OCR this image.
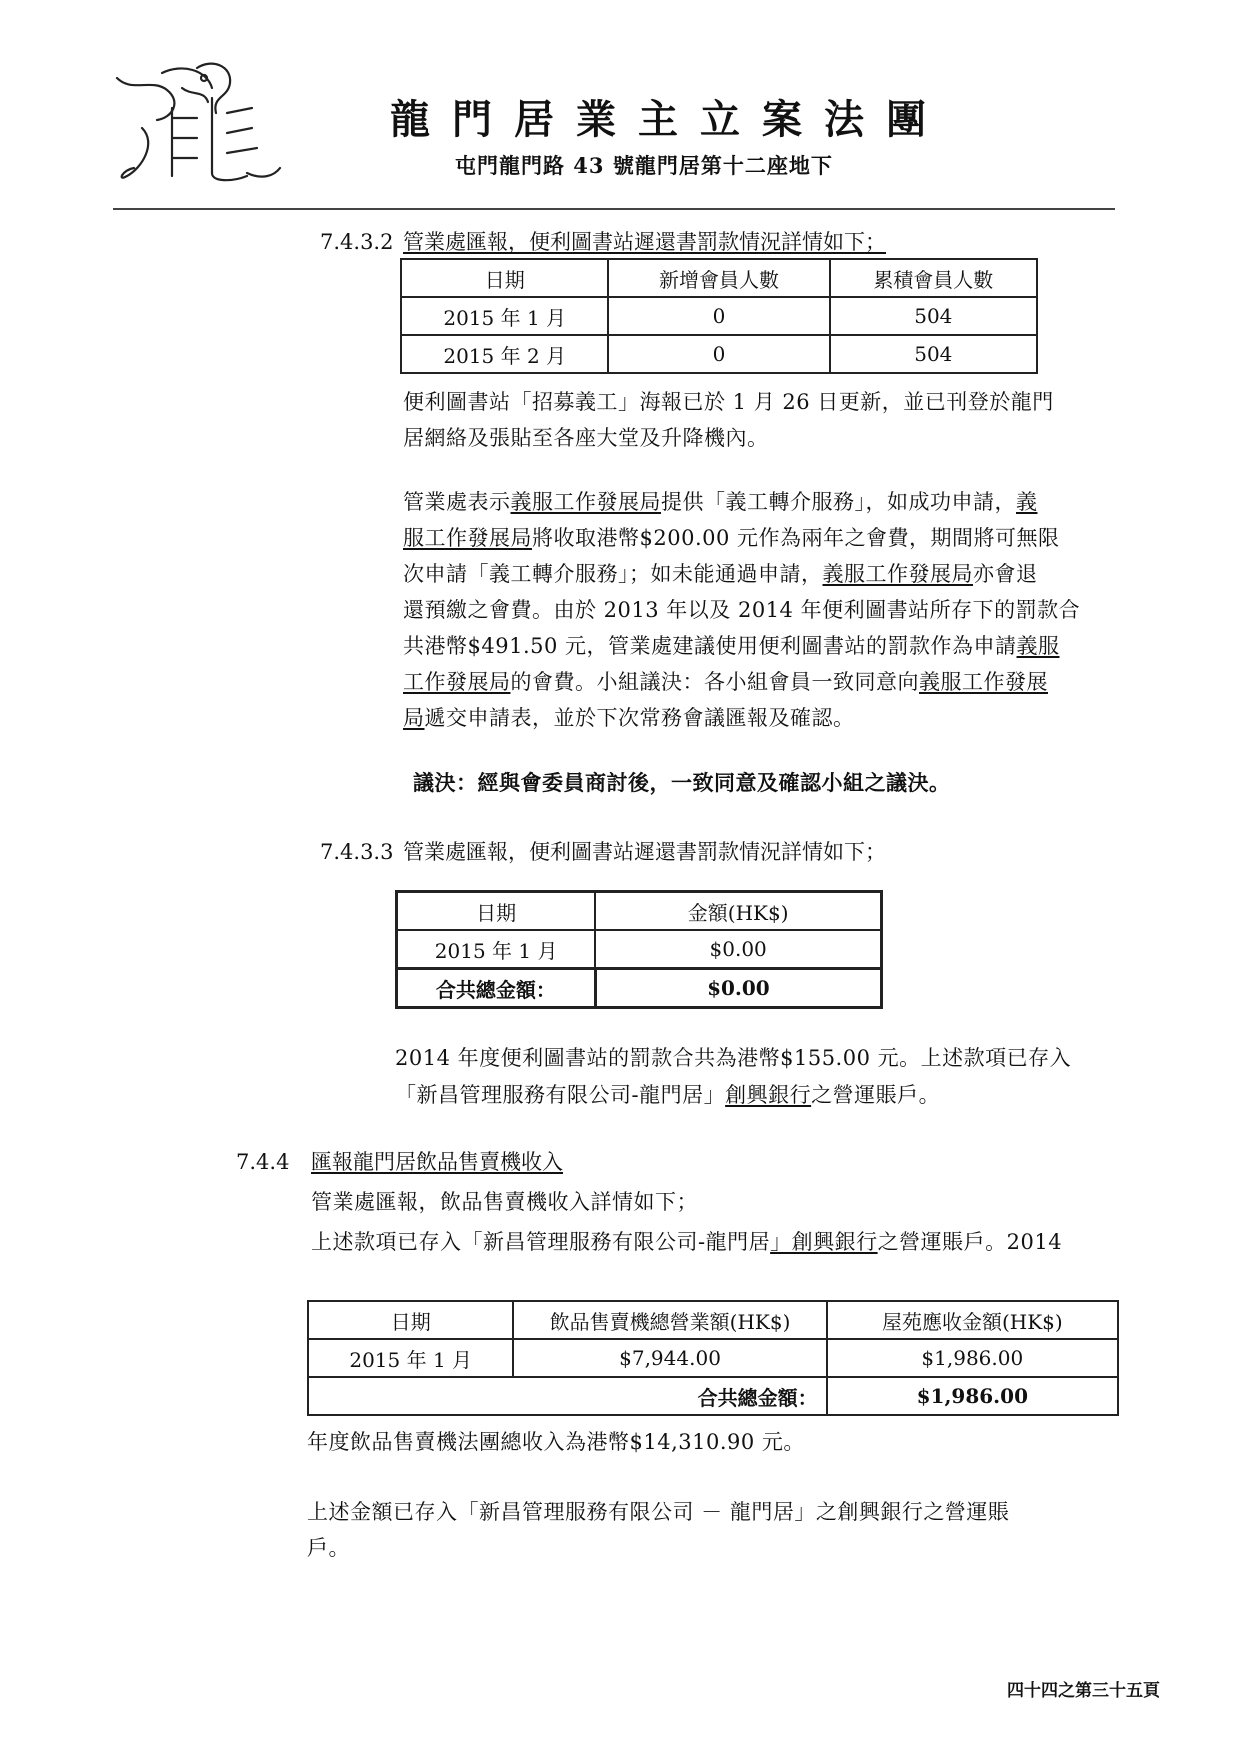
龍門居業主立案法團
屯門龍門路 43 號龍門居第十二座地下
7.4.3.2 管業處匯報，便利圖書站遲還書罰款情況詳情如下；
日期	新增會員人數	累積會員人數
2015 年 1 月	0	504
2015 年 2 月	0	504
便利圖書站「招募義工」海報已於 1 月 26 日更新，並已刊登於龍門
居網絡及張貼至各座大堂及升降機內。
管業處表示義服工作發展局提供「義工轉介服務」，如成功申請，義
服工作發展局將收取港幣$200.00 元作為兩年之會費，期間將可無限
次申請「義工轉介服務」；如未能通過申請，義服工作發展局亦會退
還預繳之會費。由於 2013 年以及 2014 年便利圖書站所存下的罰款合
共港幣$491.50 元，管業處建議使用便利圖書站的罰款作為申請義服
工作發展局的會費。小組議決：各小組會員一致同意向義服工作發展
局遞交申請表，並於下次常務會議匯報及確認。
議決：經與會委員商討後，一致同意及確認小組之議決。
7.4.3.3 管業處匯報，便利圖書站遲還書罰款情況詳情如下；
日期	金額(HK$)
2015 年 1 月	$0.00
合共總金額：	$0.00
2014 年度便利圖書站的罰款合共為港幣$155.00 元。上述款項已存入
「新昌管理服務有限公司-龍門居」創興銀行之營運賬戶。
7.4.4 匯報龍門居飲品售賣機收入
管業處匯報，飲品售賣機收入詳情如下；
上述款項已存入「新昌管理服務有限公司-龍門居」創興銀行之營運賬戶。2014
日期	飲品售賣機總營業額(HK$)	屋苑應收金額(HK$)
2015 年 1 月	$7,944.00	$1,986.00
合共總金額：		$1,986.00
年度飲品售賣機法團總收入為港幣$14,310.90 元。
上述金額已存入「新昌管理服務有限公司 － 龍門居」之創興銀行之營運賬
戶。
四十四之第三十五頁
